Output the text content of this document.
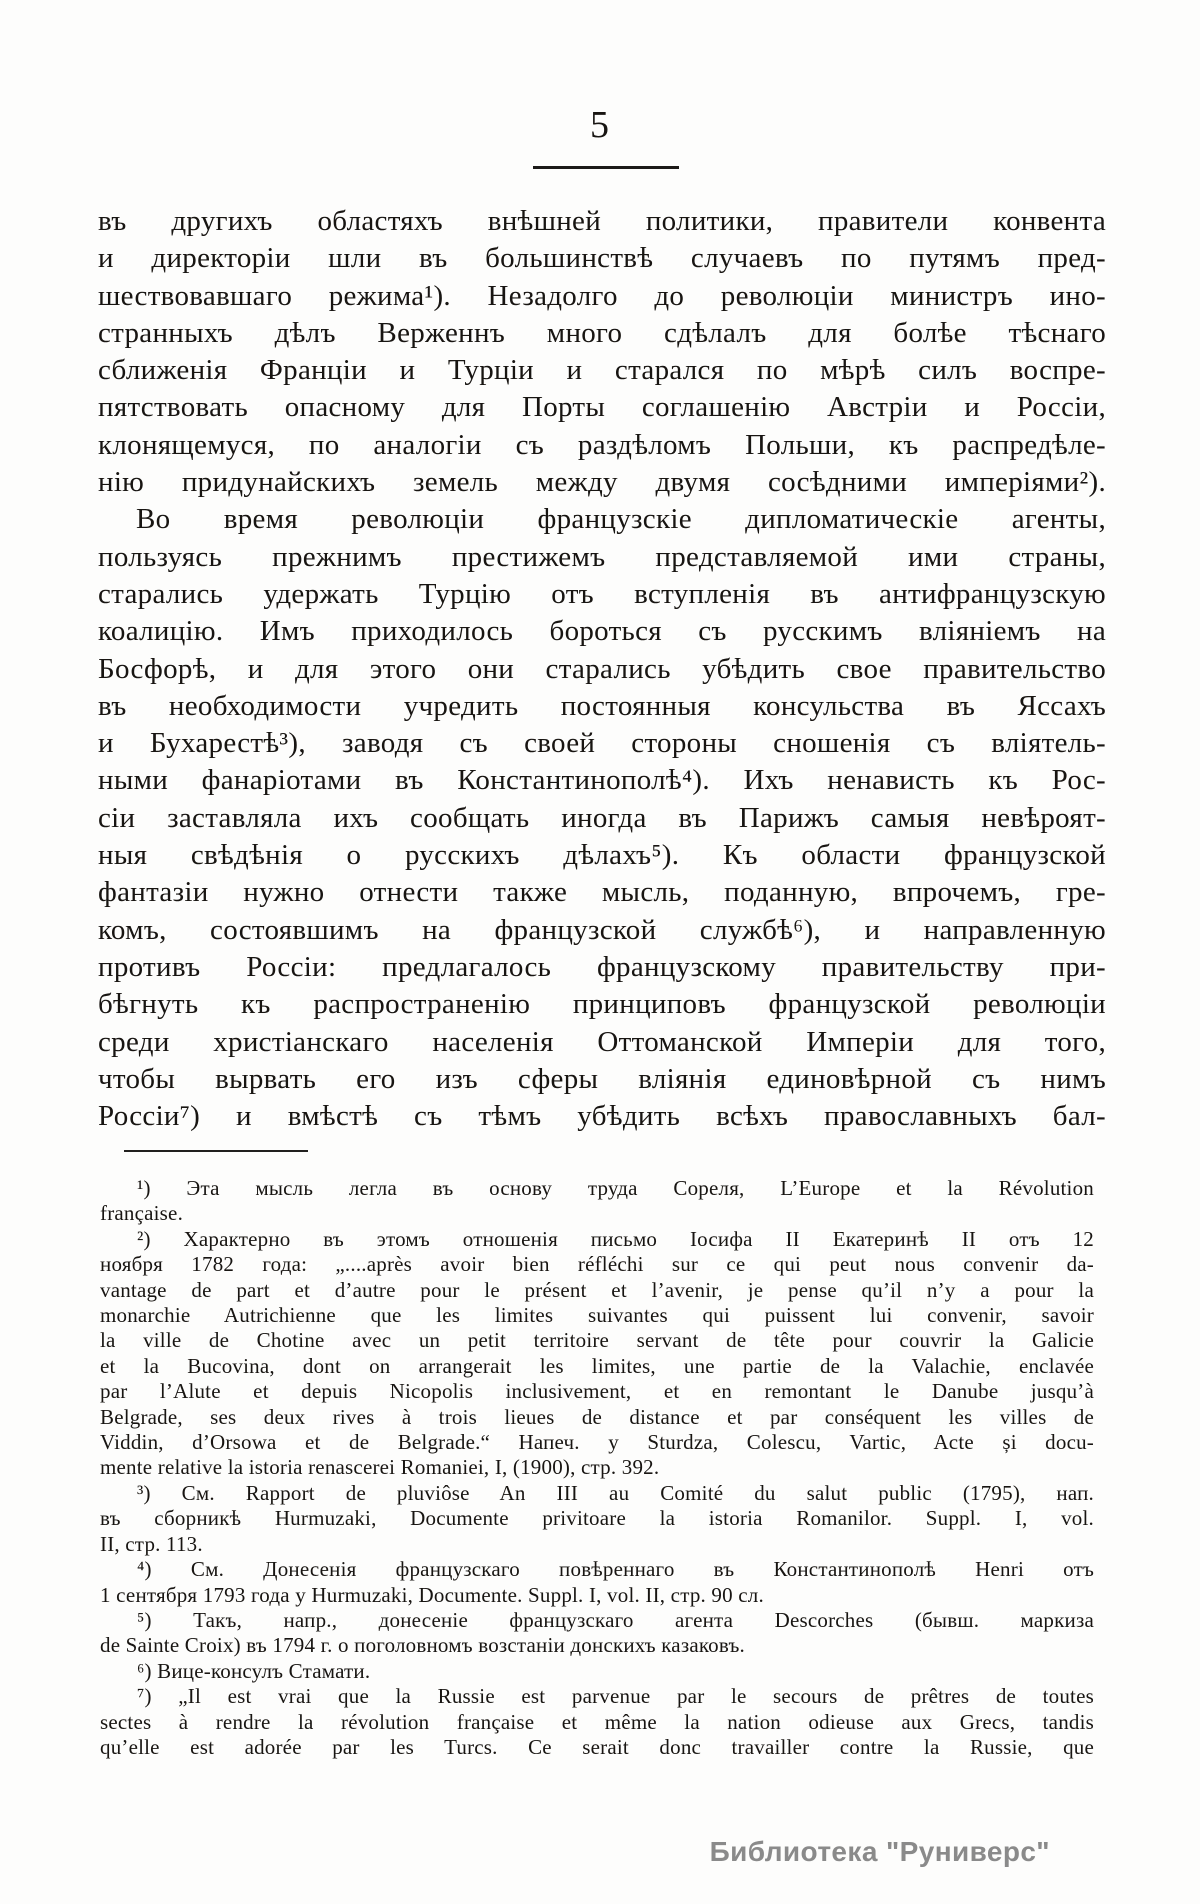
5
въ другихъ областяхъ внѣшней политики, правители конвента
и директоріи шли въ большинствѣ случаевъ по путямъ пред-
шествовавшаго режима¹). Незадолго до революціи министръ ино-
странныхъ дѣлъ Верженнъ много сдѣлалъ для болѣе тѣснаго
сближенія Франціи и Турціи и старался по мѣрѣ силъ воспре-
пятствовать опасному для Порты соглашенію Австріи и Россіи,
клонящемуся, по аналогіи съ раздѣломъ Польши, къ распредѣле-
нію придунайскихъ земель между двумя сосѣдними имперіями²).
Во время революціи французскіе дипломатическіе агенты,
пользуясь прежнимъ престижемъ представляемой ими страны,
старались удержать Турцію отъ вступленія въ антифранцузскую
коалицію. Имъ приходилось бороться съ русскимъ вліяніемъ на
Босфорѣ, и для этого они старались убѣдить свое правительство
въ необходимости учредить постоянныя консульства въ Яссахъ
и Бухарестѣ³), заводя съ своей стороны сношенія съ вліятель-
ными фанаріотами въ Константинополѣ⁴). Ихъ ненависть къ Рос-
сіи заставляла ихъ сообщать иногда въ Парижъ самыя невѣроят-
ныя свѣдѣнія о русскихъ дѣлахъ⁵). Къ области французской
фантазіи нужно отнести также мысль, поданную, впрочемъ, гре-
комъ, состоявшимъ на французской службѣ⁶), и направленную
противъ Россіи: предлагалось французскому правительству при-
бѣгнуть къ распространенію принциповъ французской революціи
среди христіанскаго населенія Оттоманской Имперіи для того,
чтобы вырвать его изъ сферы вліянія единовѣрной съ нимъ
Россіи⁷) и вмѣстѣ съ тѣмъ убѣдить всѣхъ православныхъ бал-
¹) Эта мысль легла въ основу труда Сореля, L’Europe et la Révolution
française.
²) Характерно въ этомъ отношенія письмо Іосифа II Екатеринѣ II отъ 12
ноября 1782 года: „....après avoir bien réfléchi sur ce qui peut nous convenir da-
vantage de part et d’autre pour le présent et l’avenir, je pense qu’il n’y a pour la
monarchie Autrichienne que les limites suivantes qui puissent lui convenir, savoir
la ville de Chotine avec un petit territoire servant de tête pour couvrir la Galicie
et la Bucovina, dont on arrangerait les limites, une partie de la Valachie, enclavée
par l’Alute et depuis Nicopolis inclusivement, et en remontant le Danube jusqu’à
Belgrade, ses deux rives à trois lieues de distance et par conséquent les villes de
Viddin, d’Orsowa et de Belgrade.“ Напеч. у Sturdza, Colescu, Vartic, Acte și docu-
mente relative la istoria renascerei Romaniei, I, (1900), стр. 392.
³) См. Rapport de pluviôse An III au Comité du salut public (1795), нап.
въ сборникѣ Hurmuzaki, Documente privitoare la istoria Romanilor. Suppl. I, vol.
II, стр. 113.
⁴) См. Донесенія французскаго повѣреннаго въ Константинополѣ Henri отъ
1 сентября 1793 года у Hurmuzaki, Documente. Suppl. I, vol. II, стр. 90 сл.
⁵) Такъ, напр., донесеніе французскаго агента Descorches (бывш. маркиза
de Sainte Croix) въ 1794 г. о поголовномъ возстаніи донскихъ казаковъ.
⁶) Вице-консулъ Стамати.
⁷) „Il est vrai que la Russie est parvenue par le secours de prêtres de toutes
sectes à rendre la révolution française et même la nation odieuse aux Grecs, tandis
qu’elle est adorée par les Turcs. Ce serait donc travailler contre la Russie, que
Библиотека "Руниверс"
